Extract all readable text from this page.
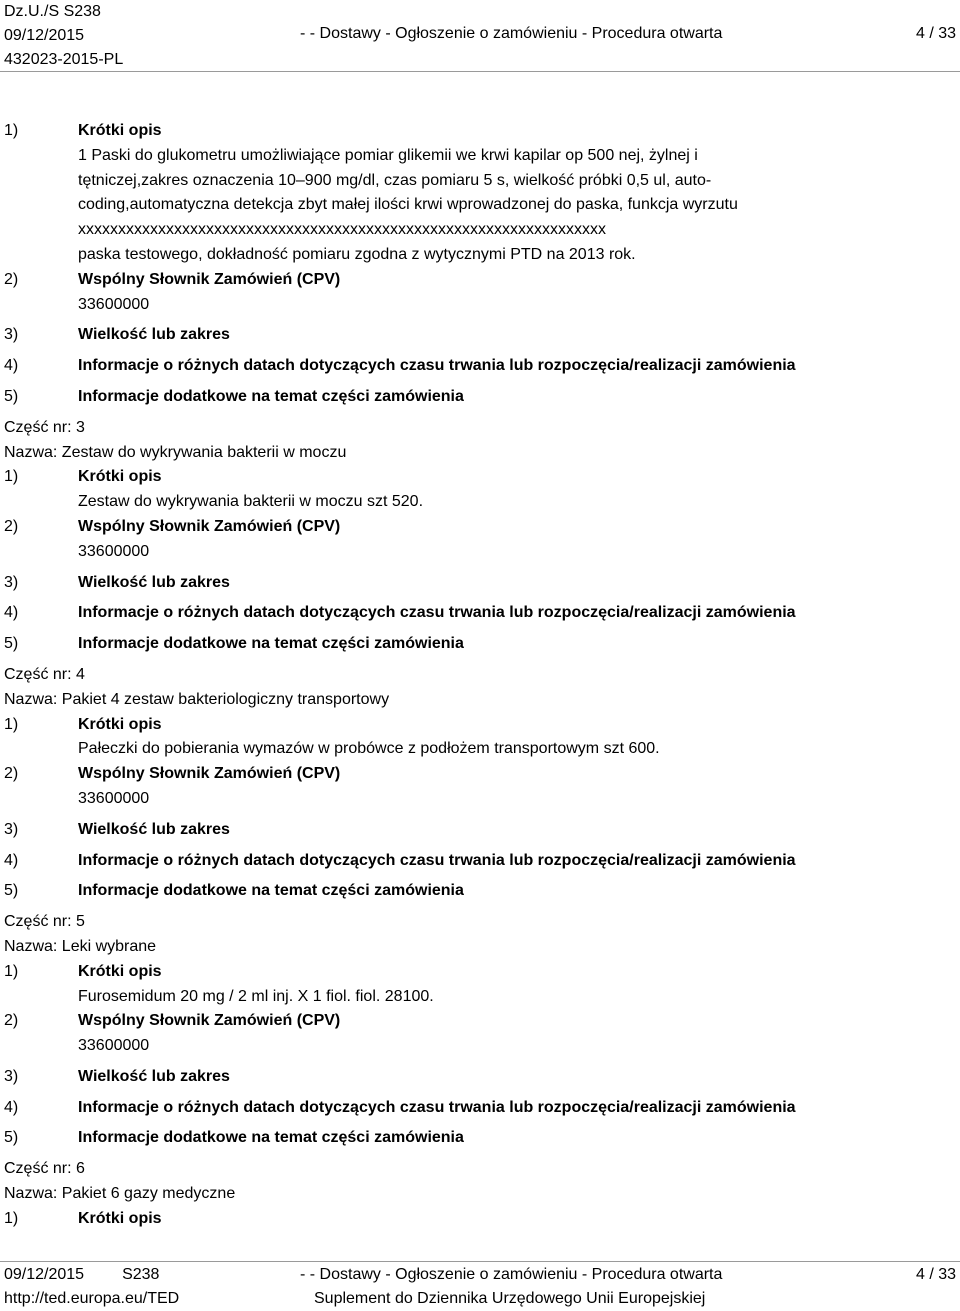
Dz.U./S S238
09/12/2015
432023-2015-PL
- - Dostawy - Ogłoszenie o zamówieniu - Procedura otwarta	4 / 33
1)	Krótki opis
1 Paski do glukometru umożliwiające pomiar glikemii we krwi kapilar op 500 nej, żylnej i
tętniczej,zakres oznaczenia 10–900 mg/dl, czas pomiaru 5 s, wielkość próbki 0,5 ul, auto-
coding,automatyczna detekcja zbyt małej ilości krwi wprowadzonej do paska, funkcja wyrzutu
xxxxxxxxxxxxxxxxxxxxxxxxxxxxxxxxxxxxxxxxxxxxxxxxxxxxxxxxxxxxxxxxxx
paska testowego, dokładność pomiaru zgodna z wytycznymi PTD na 2013 rok.
2)	Wspólny Słownik Zamówień (CPV)
33600000
3)	Wielkość lub zakres
4)	Informacje o różnych datach dotyczących czasu trwania lub rozpoczęcia/realizacji zamówienia
5)	Informacje dodatkowe na temat części zamówienia
Część nr: 3
Nazwa: Zestaw do wykrywania bakterii w moczu
1)	Krótki opis
Zestaw do wykrywania bakterii w moczu szt 520.
2)	Wspólny Słownik Zamówień (CPV)
33600000
3)	Wielkość lub zakres
4)	Informacje o różnych datach dotyczących czasu trwania lub rozpoczęcia/realizacji zamówienia
5)	Informacje dodatkowe na temat części zamówienia
Część nr: 4
Nazwa: Pakiet 4 zestaw bakteriologiczny transportowy
1)	Krótki opis
Pałeczki do pobierania wymazów w probówce z podłożem transportowym szt 600.
2)	Wspólny Słownik Zamówień (CPV)
33600000
3)	Wielkość lub zakres
4)	Informacje o różnych datach dotyczących czasu trwania lub rozpoczęcia/realizacji zamówienia
5)	Informacje dodatkowe na temat części zamówienia
Część nr: 5
Nazwa: Leki wybrane
1)	Krótki opis
Furosemidum 20 mg / 2 ml inj. X 1 fiol. fiol. 28100.
2)	Wspólny Słownik Zamówień (CPV)
33600000
3)	Wielkość lub zakres
4)	Informacje o różnych datach dotyczących czasu trwania lub rozpoczęcia/realizacji zamówienia
5)	Informacje dodatkowe na temat części zamówienia
Część nr: 6
Nazwa: Pakiet 6 gazy medyczne
1)	Krótki opis
09/12/2015 S238	- - Dostawy - Ogłoszenie o zamówieniu - Procedura otwarta	4 / 33
http://ted.europa.eu/TED	Suplement do Dziennika Urzędowego Unii Europejskiej
